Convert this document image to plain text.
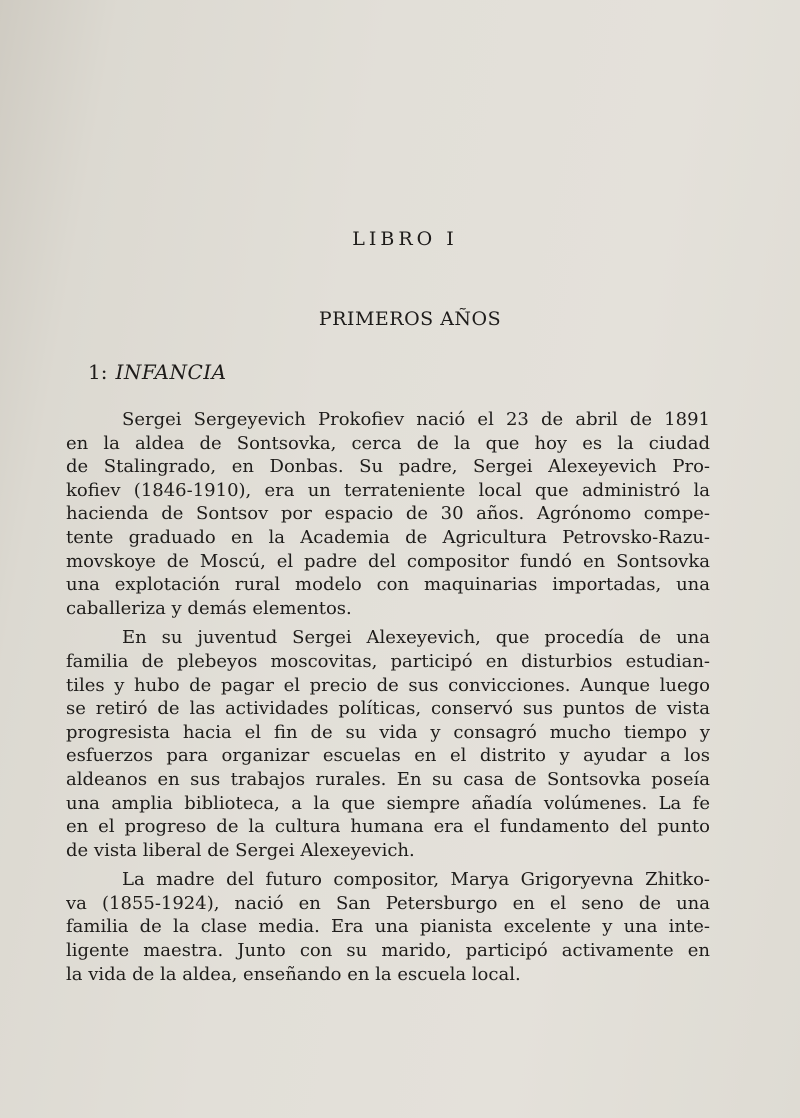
LIBRO I
PRIMEROS AÑOS
1: INFANCIA

Sergei Sergeyevich Prokofiev nació el 23 de abril de 1891
en la aldea de Sontsovka, cerca de la que hoy es la ciudad
de Stalingrado, en Donbas. Su padre, Sergei Alexeyevich Pro-
kofiev (1846-1910), era un terrateniente local que administró la
hacienda de Sontsov por espacio de 30 años. Agrónomo compe-
tente graduado en la Academia de Agricultura Petrovsko-Razu-
movskoye de Moscú, el padre del compositor fundó en Sontsovka
una explotación rural modelo con maquinarias importadas, una
caballeriza y demás elementos.

En su juventud Sergei Alexeyevich, que procedía de una
familia de plebeyos moscovitas, participó en disturbios estudian-
tiles y hubo de pagar el precio de sus convicciones. Aunque luego
se retiró de las actividades políticas, conservó sus puntos de vista
progresista hacia el fin de su vida y consagró mucho tiempo y
esfuerzos para organizar escuelas en el distrito y ayudar a los
aldeanos en sus trabajos rurales. En su casa de Sontsovka poseía
una amplia biblioteca, a la que siempre añadía volúmenes. La fe
en el progreso de la cultura humana era el fundamento del punto
de vista liberal de Sergei Alexeyevich.

La madre del futuro compositor, Marya Grigoryevna Zhitko-
va (1855-1924), nació en San Petersburgo en el seno de una
familia de la clase media. Era una pianista excelente y una inte-
ligente maestra. Junto con su marido, participó activamente en
la vida de la aldea, enseñando en la escuela local.
